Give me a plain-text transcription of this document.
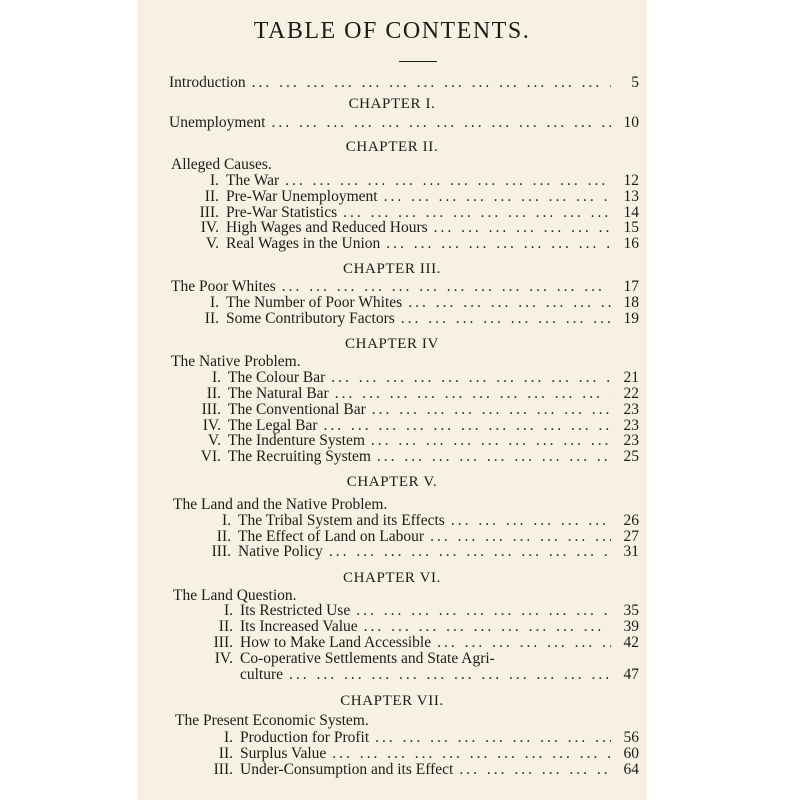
TABLE OF CONTENTS.
Introduction ... .	5
CHAPTER I.
Unemployment ... .	10
CHAPTER II.
Alleged Causes.
I. The War ... .	12
II. Pre-War Unemployment ... .	13
III. Pre-War Statistics ... .	14
IV. High Wages and Reduced Hours ... .	15
V. Real Wages in the Union ... .	16
CHAPTER III.
The Poor Whites ... .	17
I. The Number of Poor Whites ... .	18
II. Some Contributory Factors ... .	19
CHAPTER IV
The Native Problem.
I. The Colour Bar ... .	21
II. The Natural Bar ... .	22
III. The Conventional Bar ... .	23
IV. The Legal Bar ... .	23
V. The Indenture System ... .	23
VI. The Recruiting System ... .	25
CHAPTER V.
The Land and the Native Problem.
I. The Tribal System and its Effects ... .	26
II. The Effect of Land on Labour ... .	27
III. Native Policy ... .	31
CHAPTER VI.
The Land Question.
I. Its Restricted Use ... .	35
II. Its Increased Value ... .	39
III. How to Make Land Accessible ... .	42
IV. Co-operative Settlements and State Agri-
culture ... .	47
CHAPTER VII.
The Present Economic System.
I. Production for Profit ... .	56
II. Surplus Value ... .	60
III. Under-Consumption and its Effect ... .	64
